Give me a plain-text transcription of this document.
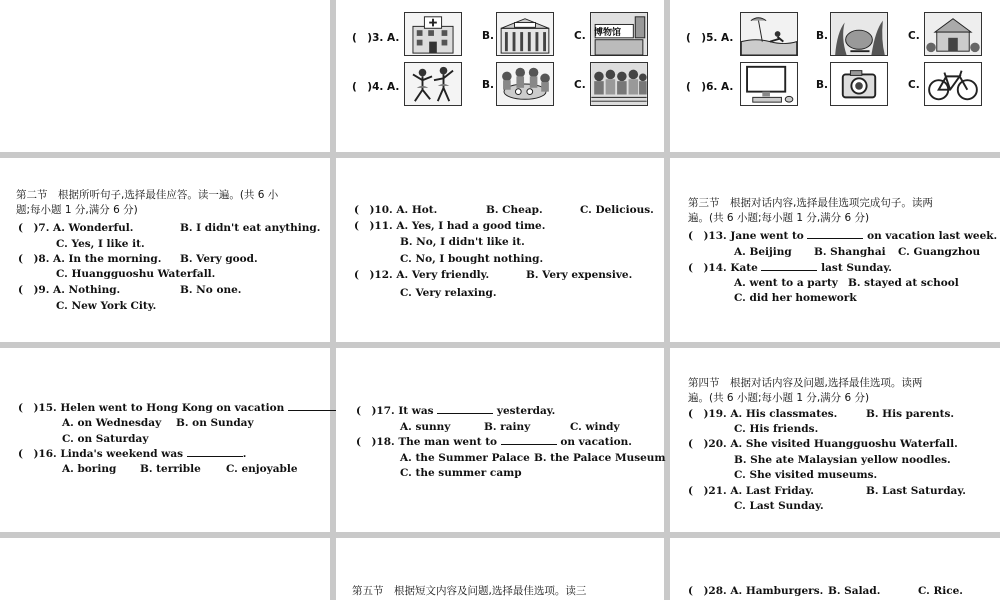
(　)3. A.	B.	C. 博物馆
(　)4. A.	B.	C.
(　)5. A.	B.	C.
(　)6. A.	B.	C.
第二节　根据所听句子,选择最佳应答。读一遍。(共 6 小
题;每小题 1 分,满分 6 分)
(　)7. A. Wonderful.	B. I didn't eat anything.
C. Yes, I like it.
(　)8. A. In the morning. B. Very good.
C. Huangguoshu Waterfall.
(　)9. A. Nothing.	B. No one.
C. New York City.
(　)10. A. Hot.	B. Cheap.	C. Delicious.
(　)11. A. Yes, I had a good time.
B. No, I didn't like it.
C. No, I bought nothing.
(　)12. A. Very friendly.	B. Very expensive.
C. Very relaxing.
第三节　根据对话内容,选择最佳选项完成句子。读两
遍。(共 6 小题;每小题 1 分,满分 6 分)
(　)13. Jane went to	on vacation last week.
A. Beijing B. Shanghai C. Guangzhou
(　)14. Kate	last Sunday.
A. went to a party B. stayed at school
C. did her homework
(　)15. Helen went to Hong Kong on vacation
A. on Wednesday B. on Sunday
C. on Saturday
(　)16. Linda's weekend was	.
A. boring B. terrible C. enjoyable
(　)17. It was	yesterday.
A. sunny	B. rainy	C. windy
(　)18. The man went to	on vacation.
A. the Summer Palace B. the Palace Museum
C. the summer camp
第四节　根据对话内容及问题,选择最佳选项。读两
遍。(共 6 小题;每小题 1 分,满分 6 分)
(　)19. A. His classmates.	B. His parents.
C. His friends.
(　)20. A. She visited Huangguoshu Waterfall.
B. She ate Malaysian yellow noodles.
C. She visited museums.
(　)21. A. Last Friday.	B. Last Saturday.
C. Last Sunday.
第五节　根据短文内容及问题,选择最佳选项。读三	(　)28. A. Hamburgers. B. Salad.	C. Rice.
